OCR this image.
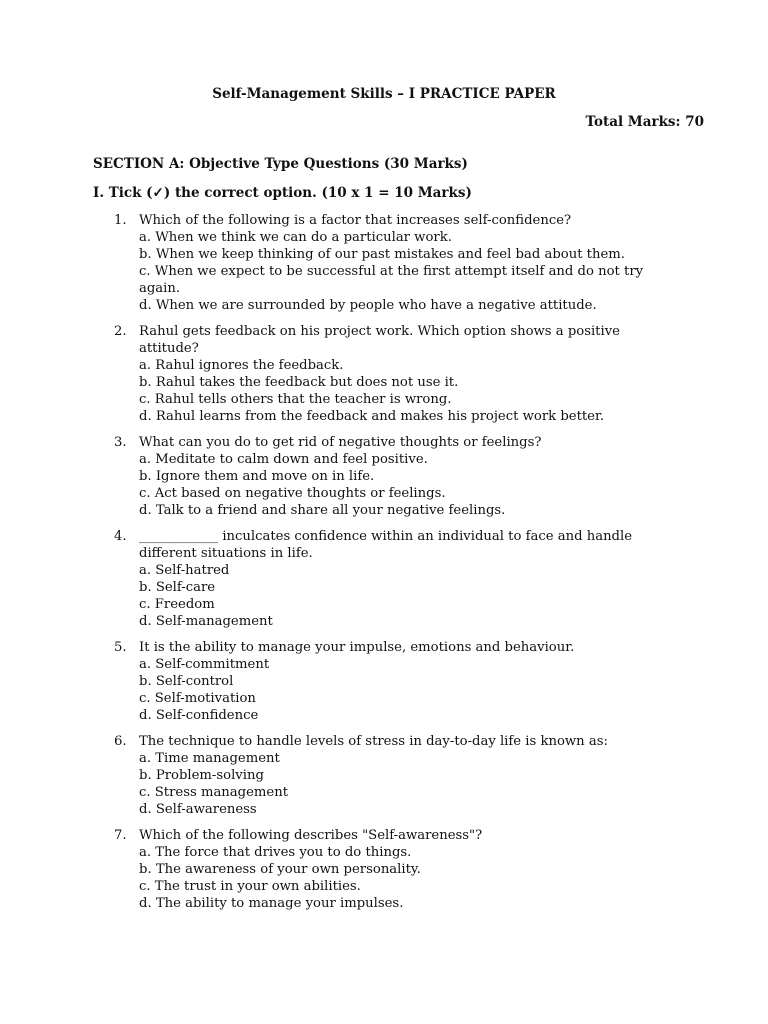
Self-Management Skills – I PRACTICE PAPER
Total Marks: 70
SECTION A: Objective Type Questions (30 Marks)
I. Tick (✓) the correct option. (10 x 1 = 10 Marks)
1. Which of the following is a factor that increases self-confidence?
a. When we think we can do a particular work.
b. When we keep thinking of our past mistakes and feel bad about them.
c. When we expect to be successful at the first attempt itself and do not try again.
d. When we are surrounded by people who have a negative attitude.
2. Rahul gets feedback on his project work. Which option shows a positive attitude?
a. Rahul ignores the feedback.
b. Rahul takes the feedback but does not use it.
c. Rahul tells others that the teacher is wrong.
d. Rahul learns from the feedback and makes his project work better.
3. What can you do to get rid of negative thoughts or feelings?
a. Meditate to calm down and feel positive.
b. Ignore them and move on in life.
c. Act based on negative thoughts or feelings.
d. Talk to a friend and share all your negative feelings.
4. ____________ inculcates confidence within an individual to face and handle different situations in life.
a. Self-hatred
b. Self-care
c. Freedom
d. Self-management
5. It is the ability to manage your impulse, emotions and behaviour.
a. Self-commitment
b. Self-control
c. Self-motivation
d. Self-confidence
6. The technique to handle levels of stress in day-to-day life is known as:
a. Time management
b. Problem-solving
c. Stress management
d. Self-awareness
7. Which of the following describes "Self-awareness"?
a. The force that drives you to do things.
b. The awareness of your own personality.
c. The trust in your own abilities.
d. The ability to manage your impulses.
